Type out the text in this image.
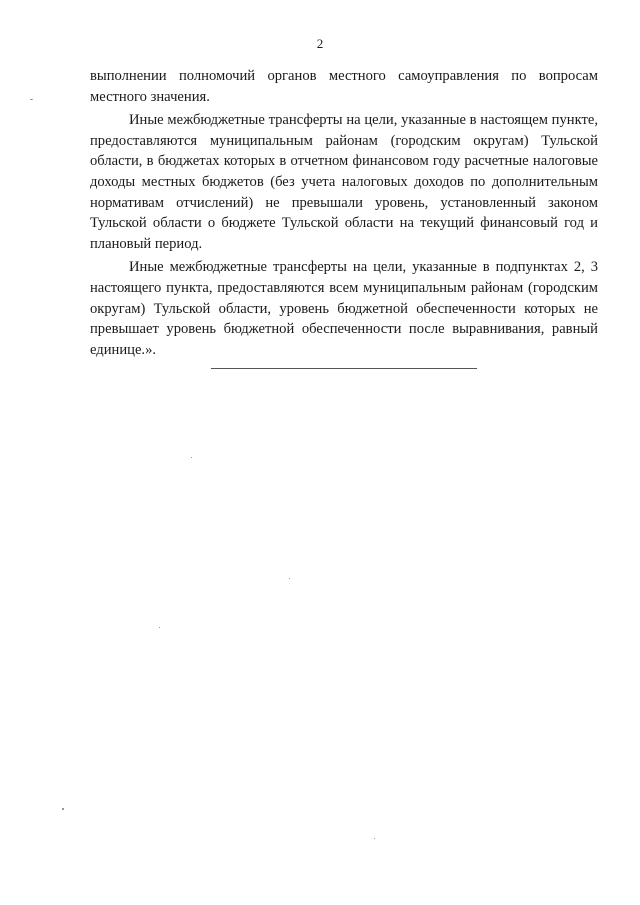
2

выполнении полномочий органов местного самоуправления по вопросам местного значения.

Иные межбюджетные трансферты на цели, указанные в настоящем пункте, предоставляются муниципальным районам (городским округам) Тульской области, в бюджетах которых в отчетном финансовом году расчетные налоговые доходы местных бюджетов (без учета налоговых доходов по дополнительным нормативам отчислений) не превышали уровень, установленный законом Тульской области о бюджете Тульской области на текущий финансовый год и плановый период.

Иные межбюджетные трансферты на цели, указанные в подпунктах 2, 3 настоящего пункта, предоставляются всем муниципальным районам (городским округам) Тульской области, уровень бюджетной обеспеченности которых не превышает уровень бюджетной обеспеченности после выравнивания, равный единице.».
